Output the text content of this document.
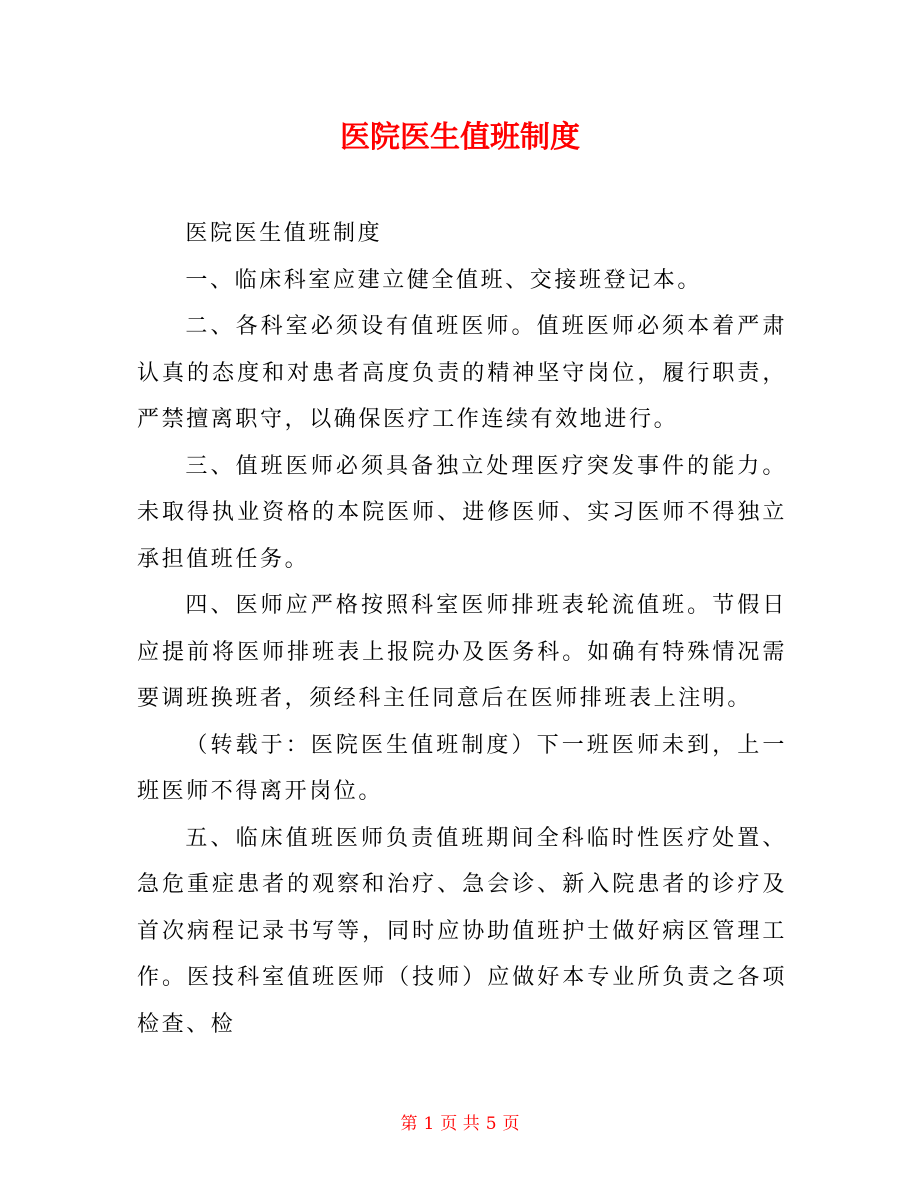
医院医生值班制度

医院医生值班制度

一、临床科室应建立健全值班、交接班登记本。

二、各科室必须设有值班医师。值班医师必须本着严肃认真的态度和对患者高度负责的精神坚守岗位，履行职责，严禁擅离职守，以确保医疗工作连续有效地进行。

三、值班医师必须具备独立处理医疗突发事件的能力。未取得执业资格的本院医师、进修医师、实习医师不得独立承担值班任务。

四、医师应严格按照科室医师排班表轮流值班。节假日应提前将医师排班表上报院办及医务科。如确有特殊情况需要调班换班者，须经科主任同意后在医师排班表上注明。

（转载于：医院医生值班制度）下一班医师未到，上一班医师不得离开岗位。

五、临床值班医师负责值班期间全科临时性医疗处置、急危重症患者的观察和治疗、急会诊、新入院患者的诊疗及首次病程记录书写等，同时应协助值班护士做好病区管理工作。医技科室值班医师（技师）应做好本专业所负责之各项检查、检

第 1 页 共 5 页
